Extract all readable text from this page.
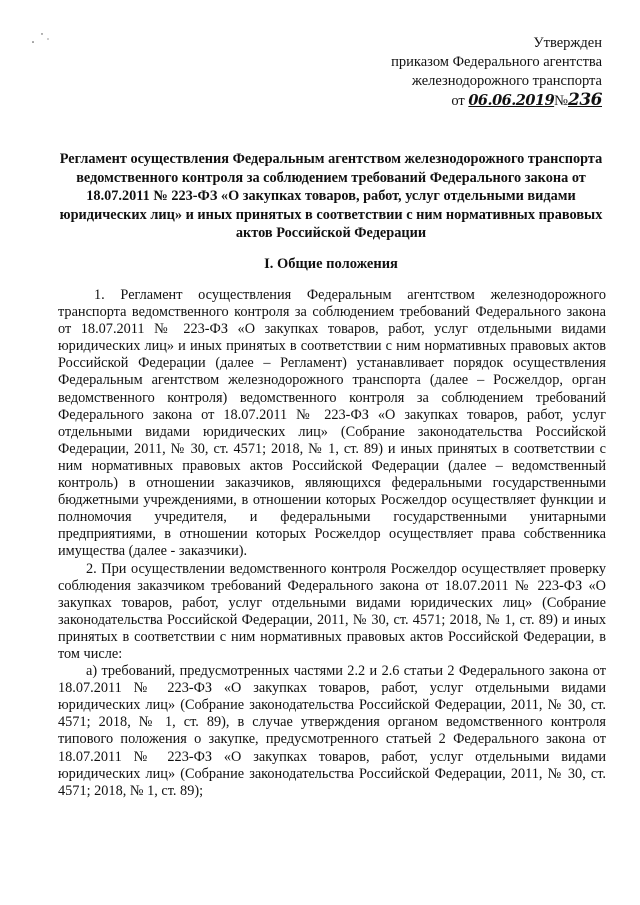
Утвержден
приказом Федерального агентства
железнодорожного транспорта
от 06.06.2019№236
Регламент осуществления Федеральным агентством железнодорожного транспорта ведомственного контроля за соблюдением требований Федерального закона от 18.07.2011 № 223-ФЗ «О закупках товаров, работ, услуг отдельными видами юридических лиц» и иных принятых в соответствии с ним нормативных правовых актов Российской Федерации
I. Общие положения

1. Регламент осуществления Федеральным агентством железнодорожного транспорта ведомственного контроля за соблюдением требований Федерального закона от 18.07.2011 № 223-ФЗ «О закупках товаров, работ, услуг отдельными видами юридических лиц» и иных принятых в соответствии с ним нормативных правовых актов Российской Федерации (далее – Регламент) устанавливает порядок осуществления Федеральным агентством железнодорожного транспорта (далее – Росжелдор, орган ведомственного контроля) ведомственного контроля за соблюдением требований Федерального закона от 18.07.2011 № 223-ФЗ «О закупках товаров, работ, услуг отдельными видами юридических лиц» (Собрание законодательства Российской Федерации, 2011, № 30, ст. 4571; 2018, № 1, ст. 89) и иных принятых в соответствии с ним нормативных правовых актов Российской Федерации (далее – ведомственный контроль) в отношении заказчиков, являющихся федеральными государственными бюджетными учреждениями, в отношении которых Росжелдор осуществляет функции и полномочия учредителя, и федеральными государственными унитарными предприятиями, в отношении которых Росжелдор осуществляет права собственника имущества (далее - заказчики).

2. При осуществлении ведомственного контроля Росжелдор осуществляет проверку соблюдения заказчиком требований Федерального закона от 18.07.2011 № 223-ФЗ «О закупках товаров, работ, услуг отдельными видами юридических лиц» (Собрание законодательства Российской Федерации, 2011, № 30, ст. 4571; 2018, № 1, ст. 89) и иных принятых в соответствии с ним нормативных правовых актов Российской Федерации, в том числе:

а) требований, предусмотренных частями 2.2 и 2.6 статьи 2 Федерального закона от 18.07.2011 № 223-ФЗ «О закупках товаров, работ, услуг отдельными видами юридических лиц» (Собрание законодательства Российской Федерации, 2011, № 30, ст. 4571; 2018, № 1, ст. 89), в случае утверждения органом ведомственного контроля типового положения о закупке, предусмотренного статьей 2 Федерального закона от 18.07.2011 № 223-ФЗ «О закупках товаров, работ, услуг отдельными видами юридических лиц» (Собрание законодательства Российской Федерации, 2011, № 30, ст. 4571; 2018, № 1, ст. 89);
